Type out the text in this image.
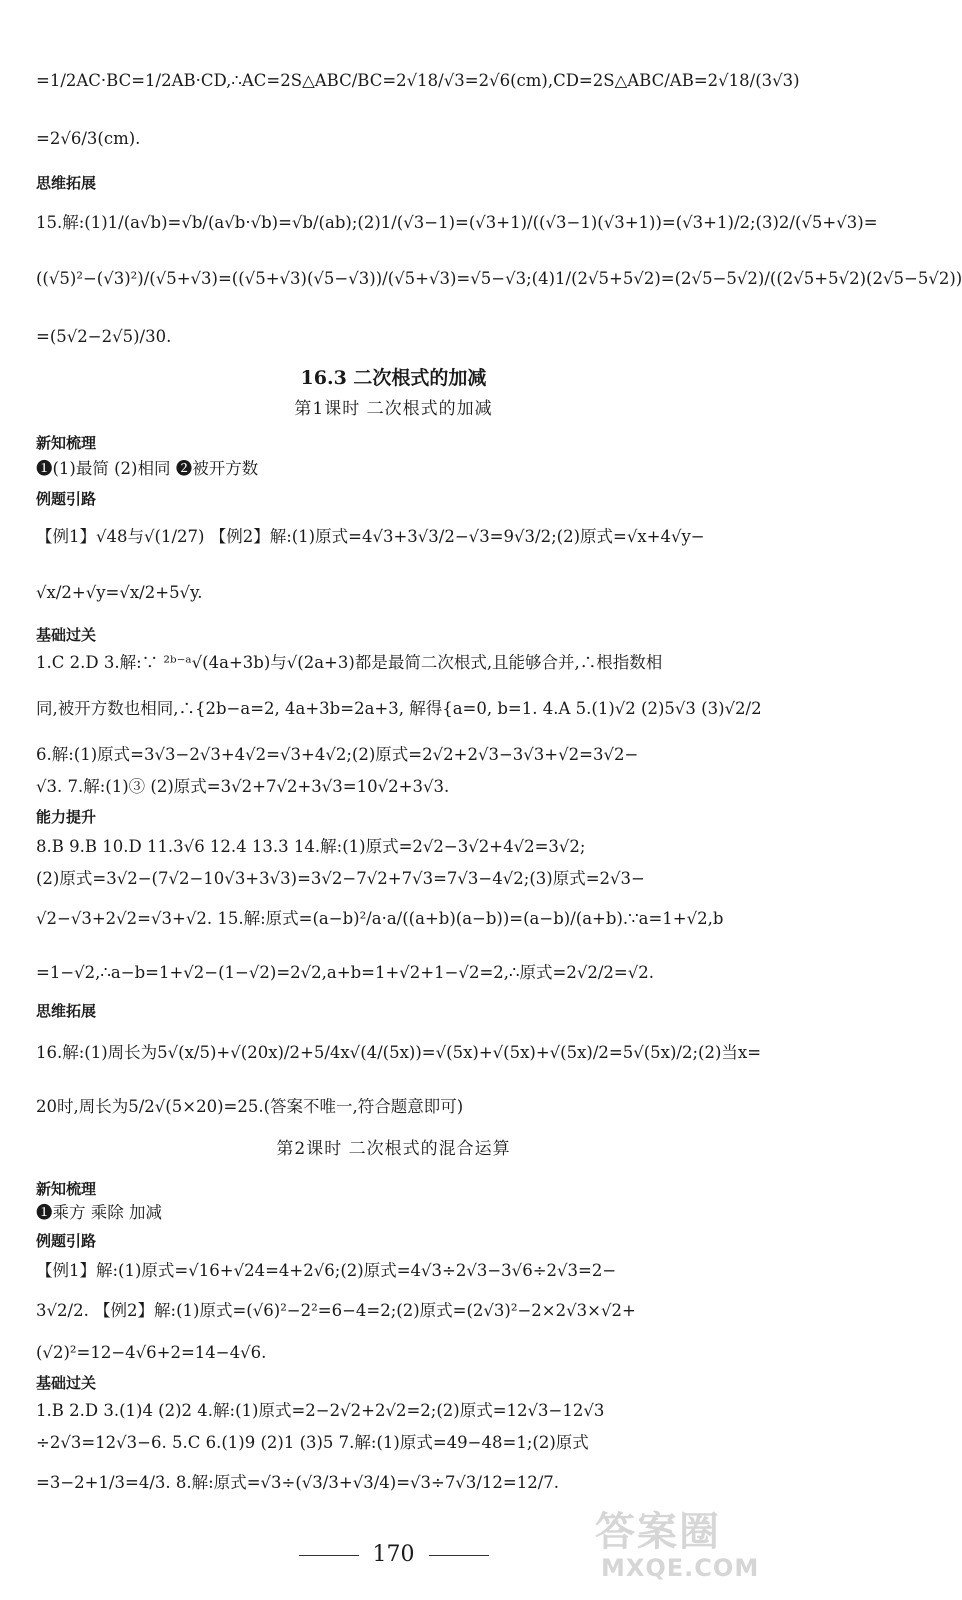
=1/2AC·BC=1/2AB·CD,∴AC=2S△ABC/BC=2√18/√3=2√6(cm),CD=2S△ABC/AB=2√18/(3√3)
=2√6/3(cm).
思维拓展
15.解:(1)1/(a√b)=√b/(a√b·√b)=√b/(ab);(2)1/(√3−1)=(√3+1)/((√3−1)(√3+1))=(√3+1)/2;(3)2/(√5+√3)=
((√5)²−(√3)²)/(√5+√3)=((√5+√3)(√5−√3))/(√5+√3)=√5−√3;(4)1/(2√5+5√2)=(2√5−5√2)/((2√5+5√2)(2√5−5√2))
=(5√2−2√5)/30.
16.3 二次根式的加减
第1课时 二次根式的加减
新知梳理
❶(1)最简 (2)相同 ❷被开方数
例题引路
【例1】√48与√(1/27) 【例2】解:(1)原式=4√3+3√3/2−√3=9√3/2;(2)原式=√x+4√y−
√x/2+√y=√x/2+5√y.
基础过关
1.C 2.D 3.解:∵ ²ᵇ⁻ᵃ√(4a+3b)与√(2a+3)都是最简二次根式,且能够合并,∴根指数相
同,被开方数也相同,∴{2b−a=2, 4a+3b=2a+3, 解得{a=0, b=1. 4.A 5.(1)√2 (2)5√3 (3)√2/2
6.解:(1)原式=3√3−2√3+4√2=√3+4√2;(2)原式=2√2+2√3−3√3+√2=3√2−
√3. 7.解:(1)③ (2)原式=3√2+7√2+3√3=10√2+3√3.
能力提升
8.B 9.B 10.D 11.3√6 12.4 13.3 14.解:(1)原式=2√2−3√2+4√2=3√2;
(2)原式=3√2−(7√2−10√3+3√3)=3√2−7√2+7√3=7√3−4√2;(3)原式=2√3−
√2−√3+2√2=√3+√2. 15.解:原式=(a−b)²/a·a/((a+b)(a−b))=(a−b)/(a+b).∵a=1+√2,b
=1−√2,∴a−b=1+√2−(1−√2)=2√2,a+b=1+√2+1−√2=2,∴原式=2√2/2=√2.
思维拓展
16.解:(1)周长为5√(x/5)+√(20x)/2+5/4x√(4/(5x))=√(5x)+√(5x)+√(5x)/2=5√(5x)/2;(2)当x=
20时,周长为5/2√(5×20)=25.(答案不唯一,符合题意即可)
第2课时 二次根式的混合运算
新知梳理
❶乘方 乘除 加减
例题引路
【例1】解:(1)原式=√16+√24=4+2√6;(2)原式=4√3÷2√3−3√6÷2√3=2−
3√2/2. 【例2】解:(1)原式=(√6)²−2²=6−4=2;(2)原式=(2√3)²−2×2√3×√2+
(√2)²=12−4√6+2=14−4√6.
基础过关
1.B 2.D 3.(1)4 (2)2 4.解:(1)原式=2−2√2+2√2=2;(2)原式=12√3−12√3
÷2√3=12√3−6. 5.C 6.(1)9 (2)1 (3)5 7.解:(1)原式=49−48=1;(2)原式
=3−2+1/3=4/3. 8.解:原式=√3÷(√3/3+√3/4)=√3÷7√3/12=12/7.
170	答案圈
MXQE.COM
